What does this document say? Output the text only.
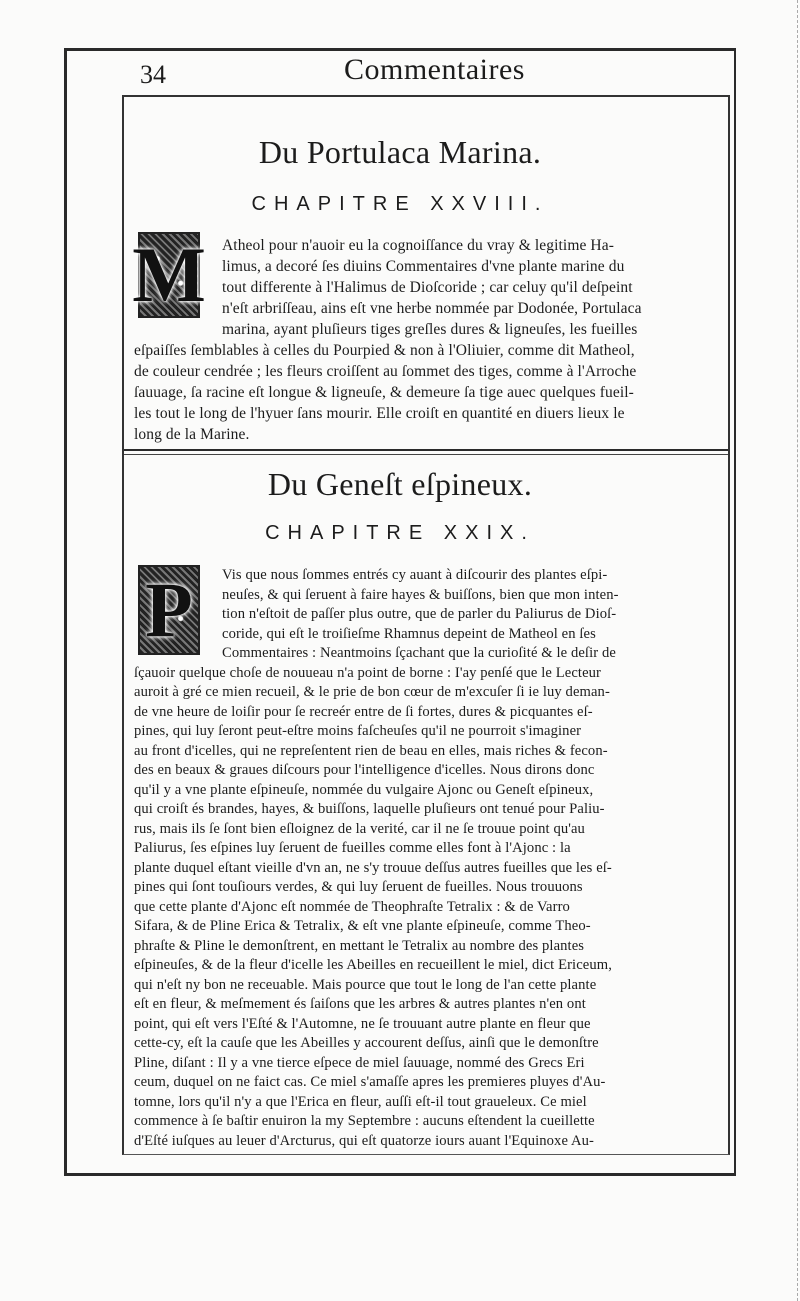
34	Commentaires
Du Portulaca Marina.
CHAPITRE XXVIII.
M Atheol pour n'auoir eu la cognoiſſance du vray & legitime Ha-
limus, a decoré ſes diuins Commentaires d'vne plante marine du
tout differente à l'Halimus de Dioſcoride ; car celuy qu'il deſpeint
n'eſt arbriſſeau, ains eſt vne herbe nommée par Dodonée, Portulaca
marina, ayant pluſieurs tiges greſles dures & ligneuſes, les fueilles
eſpaiſſes ſemblables à celles du Pourpied & non à l'Oliuier, comme dit Matheol,
de couleur cendrée ; les fleurs croiſſent au ſommet des tiges, comme à l'Arroche
ſauuage, ſa racine eſt longue & ligneuſe, & demeure ſa tige auec quelques fueil-
les tout le long de l'hyuer ſans mourir. Elle croiſt en quantité en diuers lieux le
long de la Marine.
Du Geneſt eſpineux.
CHAPITRE XXIX.
P	Vis que nous ſommes entrés cy auant à diſcourir des plantes eſpi-
neuſes, & qui ſeruent à faire hayes & buiſſons, bien que mon inten-
tion n'eſtoit de paſſer plus outre, que de parler du Paliurus de Dioſ-
coride, qui eſt le troiſieſme Rhamnus depeint de Matheol en ſes
Commentaires : Neantmoins ſçachant que la curioſité & le deſir de
ſçauoir quelque choſe de nouueau n'a point de borne : I'ay penſé que le Lecteur
auroit à gré ce mien recueil, & le prie de bon cœur de m'excuſer ſi ie luy deman-
de vne heure de loiſir pour ſe recreér entre de ſi fortes, dures & picquantes eſ-
pines, qui luy ſeront peut-eſtre moins faſcheuſes qu'il ne pourroit s'imaginer
au front d'icelles, qui ne repreſentent rien de beau en elles, mais riches & fecon-
des en beaux & graues diſcours pour l'intelligence d'icelles. Nous dirons donc
qu'il y a vne plante eſpineuſe, nommée du vulgaire Ajonc ou Geneſt eſpineux,
qui croiſt és brandes, hayes, & buiſſons, laquelle pluſieurs ont tenué pour Paliu-
rus, mais ils ſe ſont bien eſloignez de la verité, car il ne ſe trouue point qu'au
Paliurus, ſes eſpines luy ſeruent de fueilles comme elles font à l'Ajonc : la
plante duquel eſtant vieille d'vn an, ne s'y trouue deſſus autres fueilles que les eſ-
pines qui ſont touſiours verdes, & qui luy ſeruent de fueilles. Nous trouuons
que cette plante d'Ajonc eſt nommée de Theophraſte Tetralix : & de Varro
Sifara, & de Pline Erica & Tetralix, & eſt vne plante eſpineuſe, comme Theo-
phraſte & Pline le demonſtrent, en mettant le Tetralix au nombre des plantes
eſpineuſes, & de la fleur d'icelle les Abeilles en recueillent le miel, dict Ericeum,
qui n'eſt ny bon ne receuable. Mais pource que tout le long de l'an cette plante
eſt en fleur, & meſmement és ſaiſons que les arbres & autres plantes n'en ont
point, qui eſt vers l'Eſté & l'Automne, ne ſe trouuant autre plante en fleur que
cette-cy, eſt la cauſe que les Abeilles y accourent deſſus, ainſi que le demonſtre
Pline, diſant : Il y a vne tierce eſpece de miel ſauuage, nommé des Grecs Eri
ceum, duquel on ne faict cas. Ce miel s'amaſſe apres les premieres pluyes d'Au-
tomne, lors qu'il n'y a que l'Erica en fleur, auſſi eſt-il tout graueleux. Ce miel
commence à ſe baſtir enuiron la my Septembre : aucuns eſtendent la cueillette
d'Eſté iuſques au leuer d'Arcturus, qui eſt quatorze iours auant l'Equinoxe Au-
